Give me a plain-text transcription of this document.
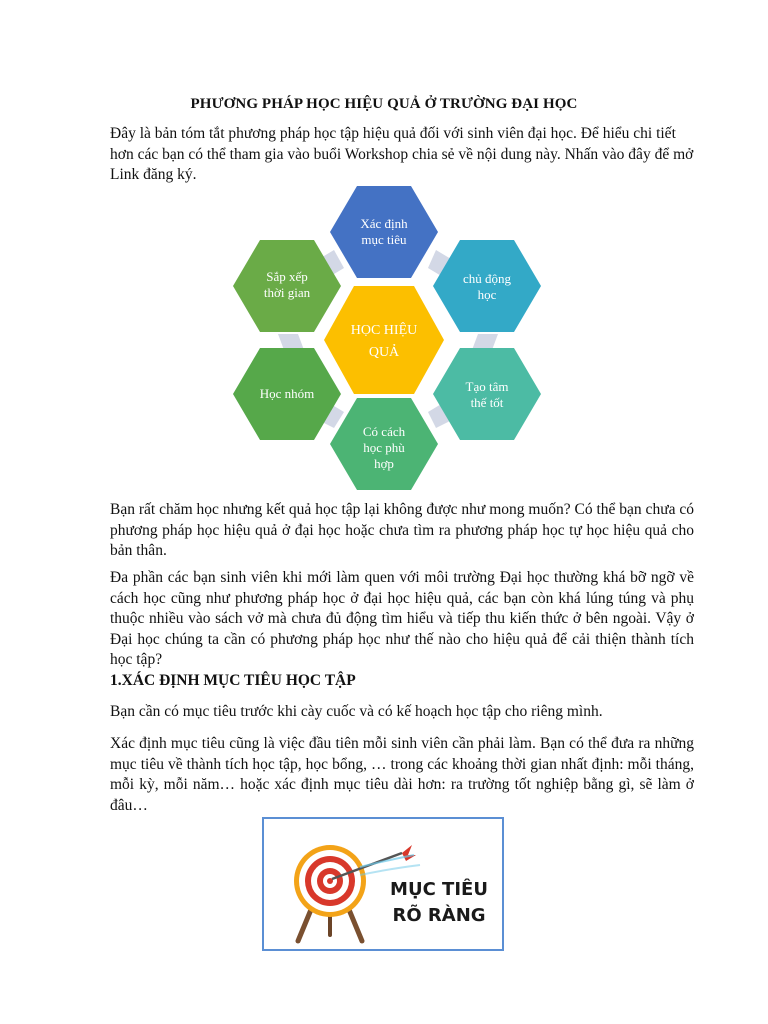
PHƯƠNG PHÁP HỌC HIỆU QUẢ Ở TRƯỜNG ĐẠI HỌC

Đây là bản tóm tắt phương pháp học tập hiệu quả đối với sinh viên đại học. Để hiểu chi tiết hơn các bạn có thể tham gia vào buổi Workshop chia sẻ về nội dung này. Nhấn vào đây để mở Link đăng ký.

Xác định
mục tiêu
chủ động
học
Tạo tâm
thế tốt
Có cách
học phù
hợp
Học nhóm
Sắp xếp
thời gian
HỌC HIỆU
QUẢ

Bạn rất chăm học nhưng kết quả học tập lại không được như mong muốn? Có thể bạn chưa có phương pháp học hiệu quả ở đại học hoặc chưa tìm ra phương pháp học tự học hiệu quả cho bản thân.

Đa phần các bạn sinh viên khi mới làm quen với môi trường Đại học thường khá bỡ ngỡ về cách học cũng như phương pháp học ở đại học hiệu quả, các bạn còn khá lúng túng và phụ thuộc nhiều vào sách vở mà chưa đủ động tìm hiểu và tiếp thu kiến thức ở bên ngoài. Vậy ở Đại học chúng ta cần có phương pháp học như thế nào cho hiệu quả để cải thiện thành tích học tập?

1.XÁC ĐỊNH MỤC TIÊU HỌC TẬP

Bạn cần có mục tiêu trước khi cày cuốc và có kế hoạch học tập cho riêng mình.

Xác định mục tiêu cũng là việc đầu tiên mỗi sinh viên cần phải làm. Bạn có thể đưa ra những mục tiêu về thành tích học tập, học bổng, … trong các khoảng thời gian nhất định: mỗi tháng, mỗi kỳ, mỗi năm… hoặc xác định mục tiêu dài hơn: ra trường tốt nghiệp bằng gì, sẽ làm ở đâu…

MỤC TIÊU
RÕ RÀNG
